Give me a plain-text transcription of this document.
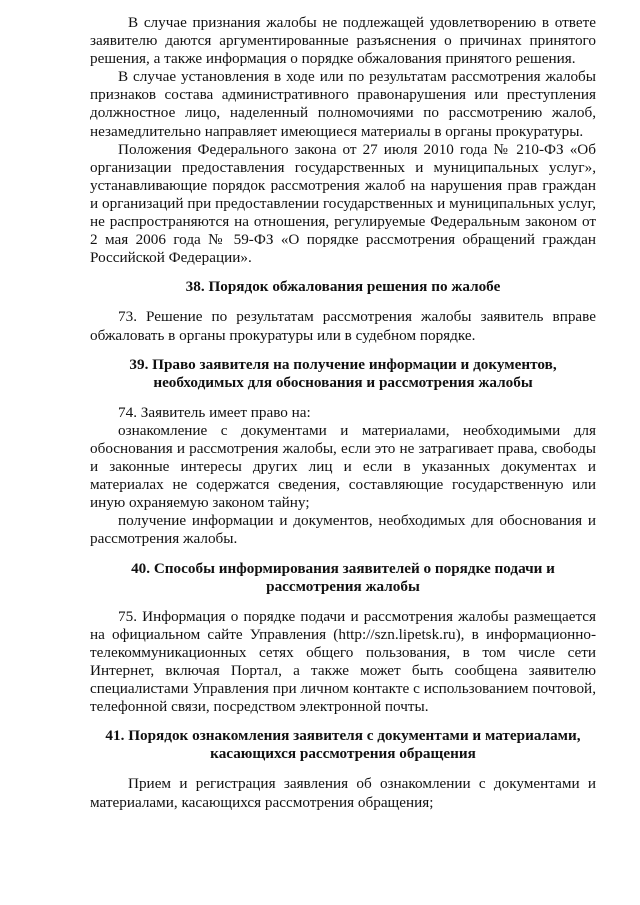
В случае признания жалобы не подлежащей удовлетворению в ответе заявителю даются аргументированные разъяснения о причинах принятого решения, а также информация о порядке обжалования принятого решения.

В случае установления в ходе или по результатам рассмотрения жалобы признаков состава административного правонарушения или преступления должностное лицо, наделенный полномочиями по рассмотрению жалоб, незамедлительно направляет имеющиеся материалы в органы прокуратуры.

Положения Федерального закона от 27 июля 2010 года № 210-ФЗ «Об организации предоставления государственных и муниципальных услуг», устанавливающие порядок рассмотрения жалоб на нарушения прав граждан и организаций при предоставлении государственных и муниципальных услуг, не распространяются на отношения, регулируемые Федеральным законом от 2 мая 2006 года № 59-ФЗ «О порядке рассмотрения обращений граждан Российской Федерации».

38. Порядок обжалования решения по жалобе

73. Решение по результатам рассмотрения жалобы заявитель вправе обжаловать в органы прокуратуры или в судебном порядке.

39. Право заявителя на получение информации и документов,
необходимых для обоснования и рассмотрения жалобы

74. Заявитель имеет право на:

ознакомление с документами и материалами, необходимыми для обоснования и рассмотрения жалобы, если это не затрагивает права, свободы и законные интересы других лиц и если в указанных документах и материалах не содержатся сведения, составляющие государственную или иную охраняемую законом тайну;

получение информации и документов, необходимых для обоснования и рассмотрения жалобы.

40. Способы информирования заявителей о порядке подачи и
рассмотрения жалобы

75. Информация о порядке подачи и рассмотрения жалобы размещается на официальном сайте Управления (http://szn.lipetsk.ru), в информационно-телекоммуникационных сетях общего пользования, в том числе сети Интернет, включая Портал, а также может быть сообщена заявителю специалистами Управления при личном контакте с использованием почтовой, телефонной связи, посредством электронной почты.

41. Порядок ознакомления заявителя с документами и материалами,
касающихся рассмотрения обращения

Прием и регистрация заявления об ознакомлении с документами и материалами, касающихся рассмотрения обращения;
